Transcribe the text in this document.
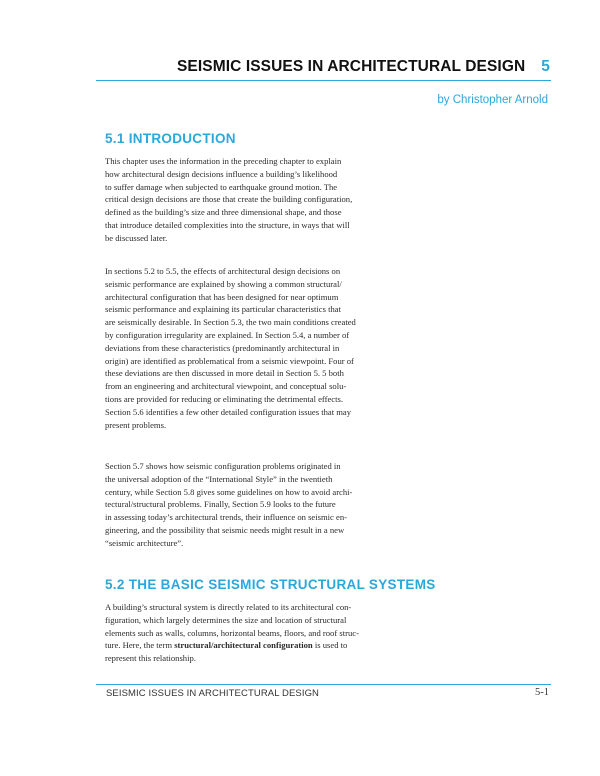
SEISMIC ISSUES IN ARCHITECTURAL DESIGN 5
by Christopher Arnold
5.1 INTRODUCTION
This chapter uses the information in the preceding chapter to explain
how architectural design decisions influence a building’s likelihood
to suffer damage when subjected to earthquake ground motion. The
critical design decisions are those that create the building configuration,
defined as the building’s size and three dimensional shape, and those
that introduce detailed complexities into the structure, in ways that will
be discussed later.
In sections 5.2 to 5.5, the effects of architectural design decisions on
seismic performance are explained by showing a common structural/
architectural configuration that has been designed for near optimum
seismic performance and explaining its particular characteristics that
are seismically desirable. In Section 5.3, the two main conditions created
by configuration irregularity are explained. In Section 5.4, a number of
deviations from these characteristics (predominantly architectural in
origin) are identified as problematical from a seismic viewpoint. Four of
these deviations are then discussed in more detail in Section 5. 5 both
from an engineering and architectural viewpoint, and conceptual solu-
tions are provided for reducing or eliminating the detrimental effects.
Section 5.6 identifies a few other detailed configuration issues that may
present problems.
Section 5.7 shows how seismic configuration problems originated in
the universal adoption of the “International Style” in the twentieth
century, while Section 5.8 gives some guidelines on how to avoid archi-
tectural/structural problems. Finally, Section 5.9 looks to the future
in assessing today’s architectural trends, their influence on seismic en-
gineering, and the possibility that seismic needs might result in a new
“seismic architecture”.
5.2 THE BASIC SEISMIC STRUCTURAL SYSTEMS
A building’s structural system is directly related to its architectural con-
figuration, which largely determines the size and location of structural
elements such as walls, columns, horizontal beams, floors, and roof struc-
ture. Here, the term structural/architectural configuration is used to
represent this relationship.
SEISMIC ISSUES IN ARCHITECTURAL DESIGN	5-1
